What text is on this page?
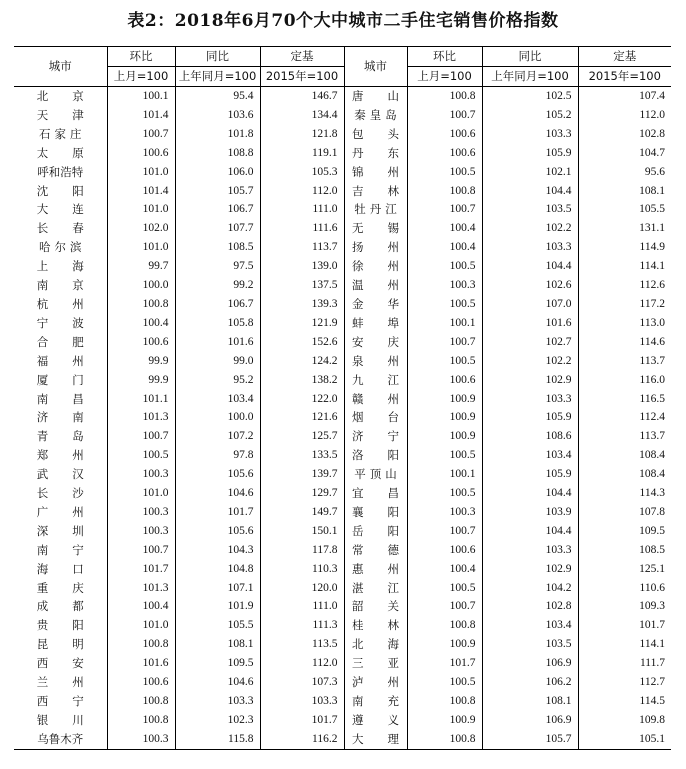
表2：2018年6月70个大中城市二手住宅销售价格指数
城市	环比	同比	定基	城市	环比	同比	定基
	上月=100	上年同月=100	2015年=100		上月=100	上年同月=100	2015年=100
北京	100.1	95.4	146.7	唐山	100.8	102.5	107.4
天津	101.4	103.6	134.4	秦皇岛	100.7	105.2	112.0
石家庄	100.7	101.8	121.8	包头	100.6	103.3	102.8
太原	100.6	108.8	119.1	丹东	100.6	105.9	104.7
呼和浩特	101.0	106.0	105.3	锦州	100.5	102.1	95.6
沈阳	101.4	105.7	112.0	吉林	100.8	104.4	108.1
大连	101.0	106.7	111.0	牡丹江	100.7	103.5	105.5
长春	102.0	107.7	111.6	无锡	100.4	102.2	131.1
哈尔滨	101.0	108.5	113.7	扬州	100.4	103.3	114.9
上海	99.7	97.5	139.0	徐州	100.5	104.4	114.1
南京	100.0	99.2	137.5	温州	100.3	102.6	112.6
杭州	100.8	106.7	139.3	金华	100.5	107.0	117.2
宁波	100.4	105.8	121.9	蚌埠	100.1	101.6	113.0
合肥	100.6	101.6	152.6	安庆	100.7	102.7	114.6
福州	99.9	99.0	124.2	泉州	100.5	102.2	113.7
厦门	99.9	95.2	138.2	九江	100.6	102.9	116.0
南昌	101.1	103.4	122.0	赣州	100.9	103.3	116.5
济南	101.3	100.0	121.6	烟台	100.9	105.9	112.4
青岛	100.7	107.2	125.7	济宁	100.9	108.6	113.7
郑州	100.5	97.8	133.5	洛阳	100.5	103.4	108.4
武汉	100.3	105.6	139.7	平顶山	100.1	105.9	108.4
长沙	101.0	104.6	129.7	宜昌	100.5	104.4	114.3
广州	100.3	101.7	149.7	襄阳	100.3	103.9	107.8
深圳	100.3	105.6	150.1	岳阳	100.7	104.4	109.5
南宁	100.7	104.3	117.8	常德	100.6	103.3	108.5
海口	101.7	104.8	110.3	惠州	100.4	102.9	125.1
重庆	101.3	107.1	120.0	湛江	100.5	104.2	110.6
成都	100.4	101.9	111.0	韶关	100.7	102.8	109.3
贵阳	101.0	105.5	111.3	桂林	100.8	103.4	101.7
昆明	100.8	108.1	113.5	北海	100.9	103.5	114.1
西安	101.6	109.5	112.0	三亚	101.7	106.9	111.7
兰州	100.6	104.6	107.3	泸州	100.5	106.2	112.7
西宁	100.8	103.3	103.3	南充	100.8	108.1	114.5
银川	100.8	102.3	101.7	遵义	100.9	106.9	109.8
乌鲁木齐	100.3	115.8	116.2	大理	100.8	105.7	105.1
